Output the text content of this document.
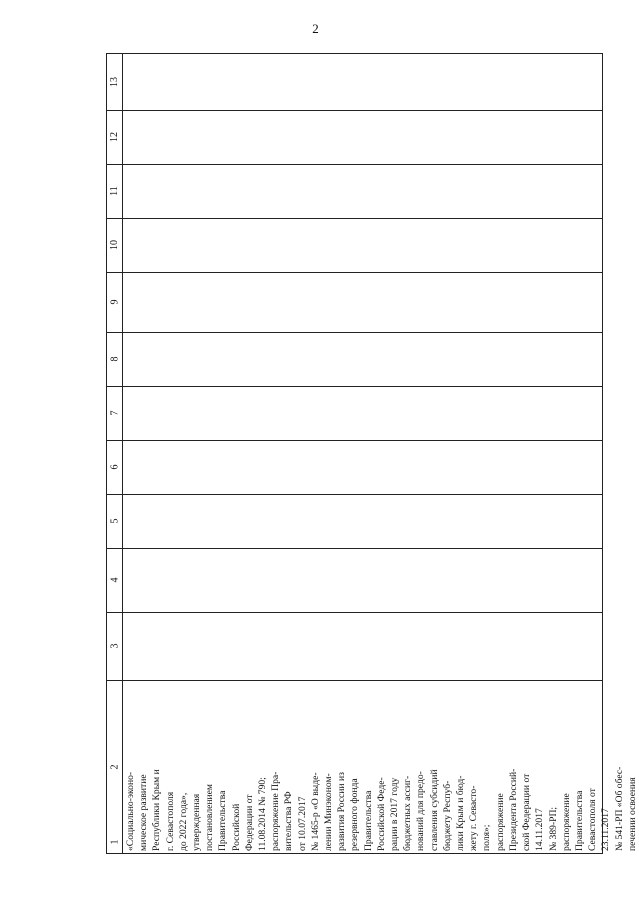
2
13
12
11
10
9
8
7
6
5
4
3
2
1 «Социально-эконо- мическое развитие Республики Крым и г. Севастополя до 2022 года», утвержденная постановлением Правительства Российской Федерации от 11.08.2014 № 790; распоряжение Пра- вительства РФ от 10.07.2017 № 1465-р «О выде- лении Минэконом- развития России из резервного фонда Правительства Российской Феде- рации в 2017 году бюджетных ассиг- нований для предо- ставления субсидий бюджету Респуб- лики Крым и бюд- жету г. Севасто- поля»; распоряжение Президента Россий- ской Федерации от 14.11.2017 № 389-РП; распоряжение Правительства Севастополя от 23.11.2017 № 541-РП «Об обес- печении освоения
